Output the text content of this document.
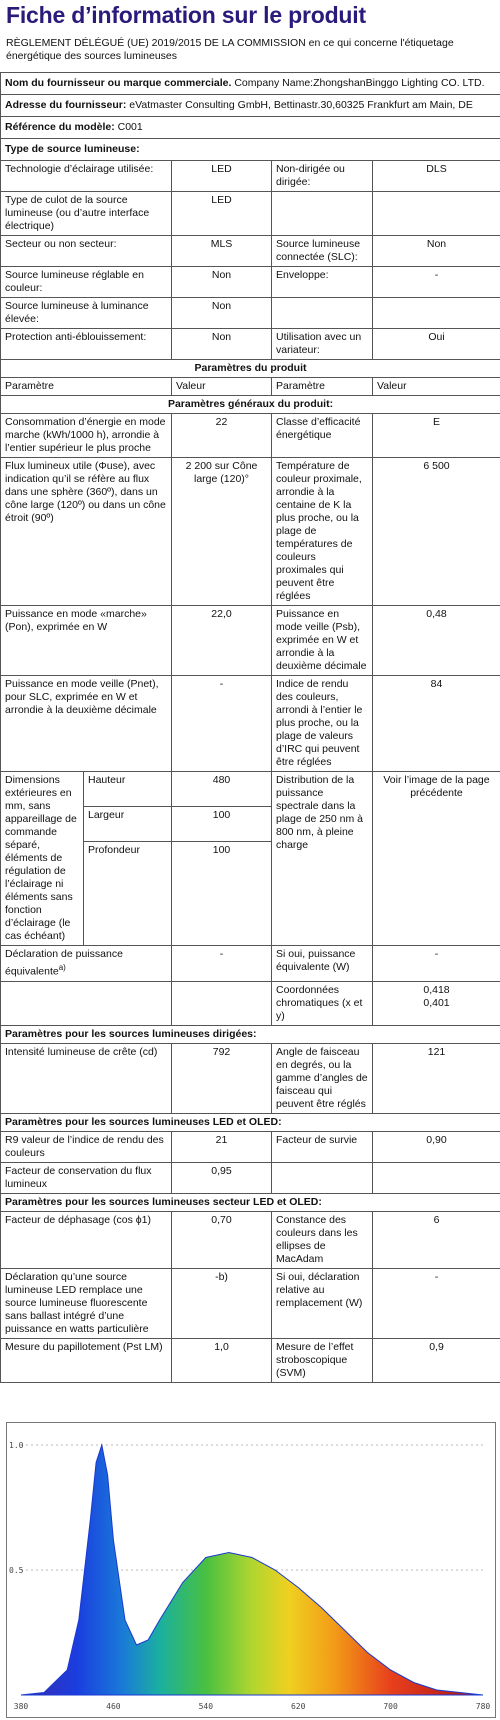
Fiche d’information sur le produit
RÈGLEMENT DÉLÉGUÉ (UE) 2019/2015 DE LA COMMISSION en ce qui concerne l'étiquetage énergétique des sources lumineuses
Nom du fournisseur ou marque commerciale. Company Name:ZhongshanBinggo Lighting CO. LTD.				
Adresse du fournisseur: eVatmaster Consulting GmbH, Bettinastr.30,60325 Frankfurt am Main, DE				
Référence du modèle: C001				
Type de source lumineuse:				
Technologie d’éclairage utilisée:		LED	Non-dirigée ou dirigée:	DLS
Type de culot de la source lumineuse (ou d’autre interface électrique)		LED		
Secteur ou non secteur:		MLS	Source lumineuse connectée (SLC):	Non
Source lumineuse réglable en couleur:		Non	Enveloppe:	-
Source lumineuse à luminance élevée:		Non		
Protection anti-éblouissement:		Non	Utilisation avec un variateur:	Oui
Paramètres du produit				
Paramètre		Valeur	Paramètre	Valeur
Paramètres généraux du produit:				
Consommation d’énergie en mode marche (kWh/1000 h), arrondie à l’entier supérieur le plus proche		22	Classe d’efficacité énergétique	E
Flux lumineux utile (Φuse), avec indication qu’il se réfère au flux dans une sphère (360º), dans un cône large (120º) ou dans un cône étroit (90º)		2 200 sur Cône large (120)°	Température de couleur proximale, arrondie à la centaine de K la plus proche, ou la plage de températures de couleurs proximales qui peuvent être réglées	6 500
Puissance en mode «marche» (Pon), exprimée en W		22,0	Puissance en mode veille (Psb), exprimée en W et arrondie à la deuxième décimale	0,48
Puissance en mode veille (Pnet), pour SLC, exprimée en W et arrondie à la deuxième décimale		-	Indice de rendu des couleurs, arrondi à l’entier le plus proche, ou la plage de valeurs d’IRC qui peuvent être réglées	84
Dimensions extérieures en mm, sans appareillage de commande séparé, éléments de régulation de l’éclairage ni éléments sans fonction d’éclairage (le cas échéant)	Hauteur	480	Distribution de la puissance spectrale dans la plage de 250 nm à 800 nm, à pleine charge	Voir l’image de la page précédente
	Largeur	100		
	Profondeur	100		
Déclaration de puissance équivalente$^{a)}$		-	Si oui, puissance équivalente (W)	-
			Coordonnées chromatiques (x et y)	0,418
0,401

Paramètres pour les sources lumineuses dirigées:				
Intensité lumineuse de crête (cd)		792	Angle de faisceau en degrés, ou la gamme d’angles de faisceau qui peuvent être réglés	121
Paramètres pour les sources lumineuses LED et OLED:				
R9 valeur de l’indice de rendu des couleurs		21	Facteur de survie	0,90
Facteur de conservation du flux lumineux		0,95		
Paramètres pour les sources lumineuses secteur LED et OLED:				
Facteur de déphasage (cos ϕ1)		0,70	Constance des couleurs dans les ellipses de MacAdam	6
Déclaration qu’une source lumineuse LED remplace une source lumineuse fluorescente sans ballast intégré d’une puissance en watts particulière		-b)	Si oui, déclaration relative au remplacement (W)	-
Mesure du papillotement (Pst LM)		1,0	Mesure de l’effet stroboscopique (SVM)	0,9
380	460	540	620	700	780
0.5
1.0
